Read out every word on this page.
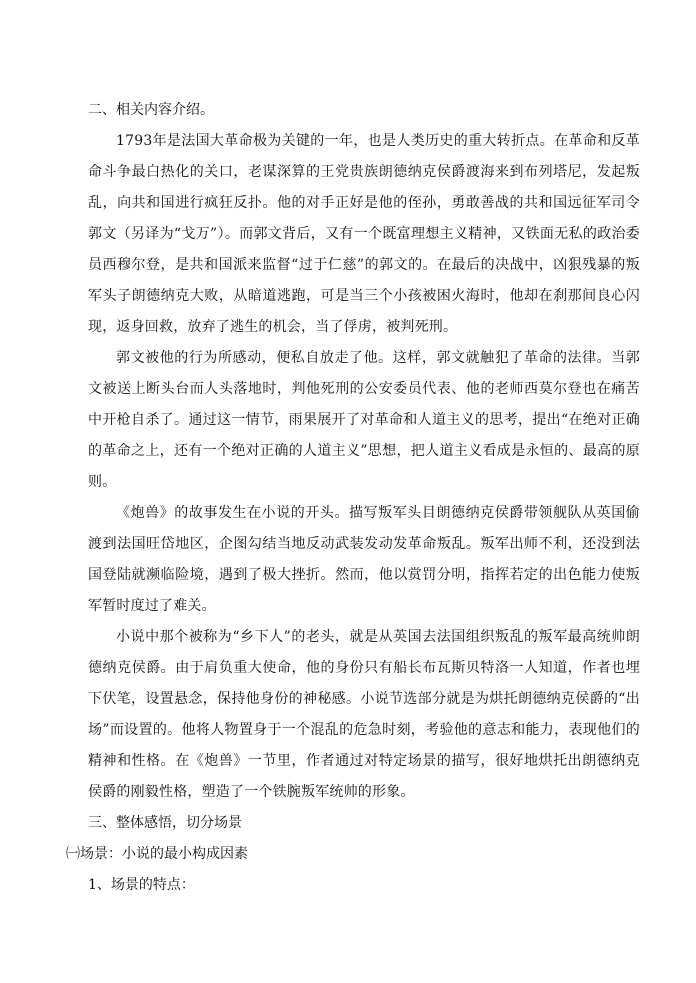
二、相关内容介绍。

1793年是法国大革命极为关键的一年，也是人类历史的重大转折点。在革命和反革命斗争最白热化的关口，老谋深算的王党贵族朗德纳克侯爵渡海来到布列塔尼，发起叛乱，向共和国进行疯狂反扑。他的对手正好是他的侄孙，勇敢善战的共和国远征军司令郭文（另译为“戈万”）。而郭文背后，又有一个既富理想主义精神，又铁面无私的政治委员西穆尔登，是共和国派来监督“过于仁慈”的郭文的。在最后的决战中，凶狠残暴的叛军头子朗德纳克大败，从暗道逃跑，可是当三个小孩被困火海时，他却在刹那间良心闪现，返身回救，放弃了逃生的机会，当了俘虏，被判死刑。

郭文被他的行为所感动，便私自放走了他。这样，郭文就触犯了革命的法律。当郭文被送上断头台而人头落地时，判他死刑的公安委员代表、他的老师西莫尔登也在痛苦中开枪自杀了。通过这一情节，雨果展开了对革命和人道主义的思考，提出“在绝对正确的革命之上，还有一个绝对正确的人道主义”思想，把人道主义看成是永恒的、最高的原则。

《炮兽》的故事发生在小说的开头。描写叛军头目朗德纳克侯爵带领舰队从英国偷渡到法国旺岱地区，企图勾结当地反动武装发动发革命叛乱。叛军出师不利，还没到法国登陆就濒临险境，遇到了极大挫折。然而，他以赏罚分明，指挥若定的出色能力使叛军暂时度过了难关。

小说中那个被称为“乡下人”的老头，就是从英国去法国组织叛乱的叛军最高统帅朗德纳克侯爵。由于肩负重大使命，他的身份只有船长布瓦斯贝特洛一人知道，作者也埋下伏笔，设置悬念，保持他身份的神秘感。小说节选部分就是为烘托朗德纳克侯爵的“出场”而设置的。他将人物置身于一个混乱的危急时刻，考验他的意志和能力，表现他们的精神和性格。在《炮兽》一节里，作者通过对特定场景的描写，很好地烘托出朗德纳克侯爵的刚毅性格，塑造了一个铁腕叛军统帅的形象。

三、整体感悟，切分场景

㈠场景：小说的最小构成因素

1、场景的特点：
